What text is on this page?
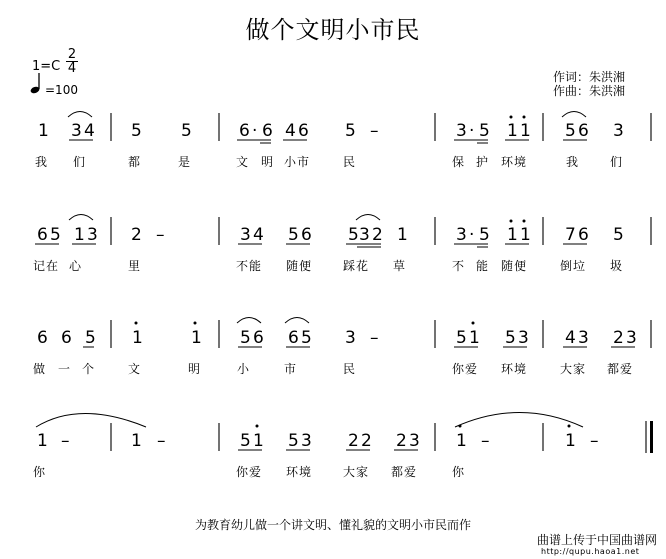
做个文明小市民
1=C
2
4
=100
作词：朱洪湘
作曲：朱洪湘
1 3 4 5 5	6 · 6 4 6 5 –	3 · 5 1 1 5 6 3
6 5 1 3 2 –	3 4 5 6 5 3 2 1	3 · 5 1 1 7 6 5
6 6 5 1	1 5 6 6 5 3 –	5 1 5 3 4 3 2 3
1 –	1 –	5 1 5 3 2 2 2 3 1 –	1 –
我 们	都	是	文 明 小 市	民	保 护 环 境	我	们
记 在 心	里	不 能 随 便	踩 花 草	不 能 随 便	倒 垃 圾
做 一 个	文	明	小	市	民	你 爱 环 境	大 家 都 爱
你	你 爱 环 境	大 家 都 爱	你
为教育幼儿做一个讲文明、懂礼貌的文明小市民而作
曲谱上传于中国曲谱网
http://qupu.haoa1.net
